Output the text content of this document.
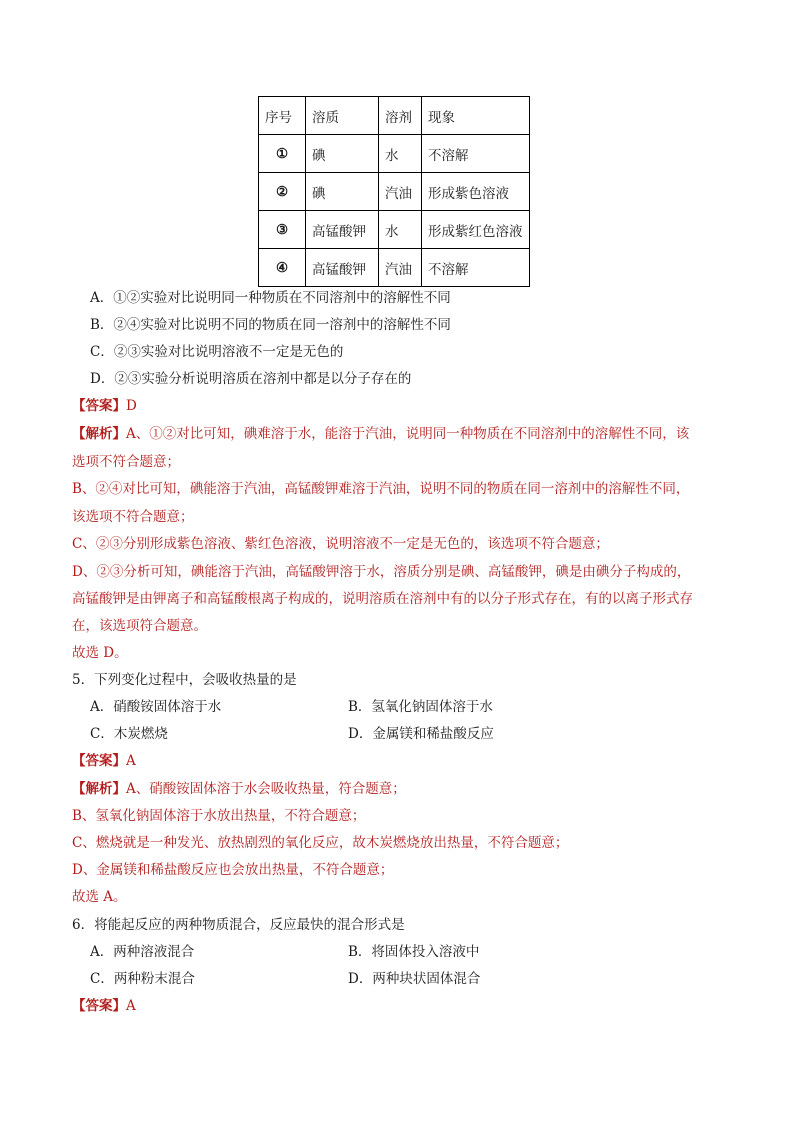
序号	溶质	溶剂	现象
①	碘	水	不溶解
②	碘	汽油	形成紫色溶液
③	高锰酸钾	水	形成紫红色溶液
④	高锰酸钾	汽油	不溶解
A．①②实验对比说明同一种物质在不同溶剂中的溶解性不同
B．②④实验对比说明不同的物质在同一溶剂中的溶解性不同
C．②③实验对比说明溶液不一定是无色的
D．②③实验分析说明溶质在溶剂中都是以分子存在的
【答案】D
【解析】A、①②对比可知，碘难溶于水，能溶于汽油，说明同一种物质在不同溶剂中的溶解性不同，该
选项不符合题意；
B、②④对比可知，碘能溶于汽油，高锰酸钾难溶于汽油，说明不同的物质在同一溶剂中的溶解性不同，
该选项不符合题意；
C、②③分别形成紫色溶液、紫红色溶液，说明溶液不一定是无色的，该选项不符合题意；
D、②③分析可知，碘能溶于汽油，高锰酸钾溶于水，溶质分别是碘、高锰酸钾，碘是由碘分子构成的，
高锰酸钾是由钾离子和高锰酸根离子构成的，说明溶质在溶剂中有的以分子形式存在，有的以离子形式存
在，该选项符合题意。
故选 D。
5．下列变化过程中，会吸收热量的是
A．硝酸铵固体溶于水	B．氢氧化钠固体溶于水
C．木炭燃烧	D．金属镁和稀盐酸反应
【答案】A
【解析】A、硝酸铵固体溶于水会吸收热量，符合题意；
B、氢氧化钠固体溶于水放出热量，不符合题意；
C、燃烧就是一种发光、放热剧烈的氧化反应，故木炭燃烧放出热量，不符合题意；
D、金属镁和稀盐酸反应也会放出热量，不符合题意；
故选 A。
6．将能起反应的两种物质混合，反应最快的混合形式是
A．两种溶液混合	B．将固体投入溶液中
C．两种粉末混合	D．两种块状固体混合
【答案】A
